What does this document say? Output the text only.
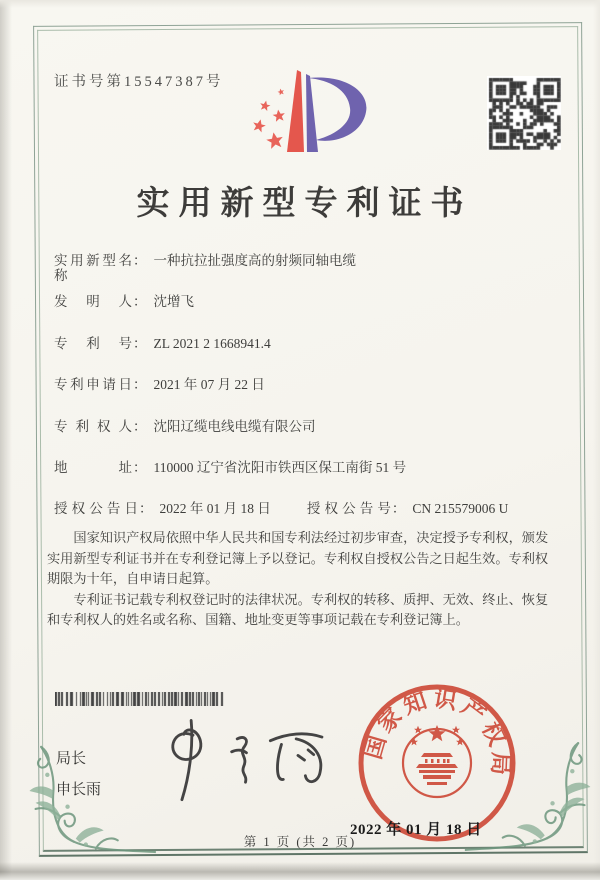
证书号第15547387号
实用新型专利证书
实用新型名称
： 一种抗拉扯强度高的射频同轴电缆
发明人 ： 沈增飞
专利号 ： ZL 2021 2 1668941.4
专利申请日 ： 2021 年 07 月 22 日
专利权人 ： 沈阳辽缆电线电缆有限公司
地址 ： 110000 辽宁省沈阳市铁西区保工南街 51 号
授权公告日 ： 2022 年 01 月 18 日	授权公告号 ： CN 215579006 U

国家知识产权局依照中华人民共和国专利法经过初步审查，决定授予专利权，颁发实用新型专利证书并在专利登记簿上予以登记。专利权自授权公告之日起生效。专利权期限为十年，自申请日起算。

专利证书记载专利权登记时的法律状况。专利权的转移、质押、无效、终止、恢复和专利权人的姓名或名称、国籍、地址变更等事项记载在专利登记簿上。

局长
申长雨
国家知识产权局
2022 年 01 月 18 日
第 1 页 (共 2 页)
